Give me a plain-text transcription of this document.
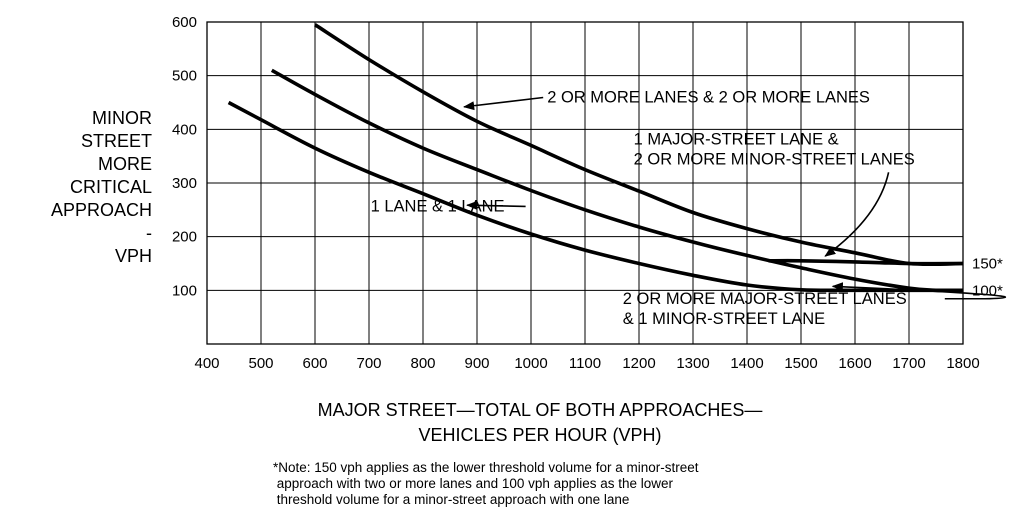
400 500 600 700 800 900 1000 1100 1200 1300 1400 1500 1600 1700 1800
600
500
400
300
200
100
2 OR MORE LANES & 2 OR MORE LANES
1 MAJOR-STREET LANE &
2 OR MORE MINOR-STREET LANES
1 LANE & 1 LANE
2 OR MORE MAJOR-STREET LANES
& 1 MINOR-STREET LANE
150*
100*
MINOR
STREET
MORE
CRITICAL
APPROACH -
VPH
MAJOR STREET—TOTAL OF BOTH APPROACHES—
VEHICLES PER HOUR (VPH)
*Note: 150 vph applies as the lower threshold volume for a minor-street
approach with two or more lanes and 100 vph applies as the lower
threshold volume for a minor-street approach with one lane
